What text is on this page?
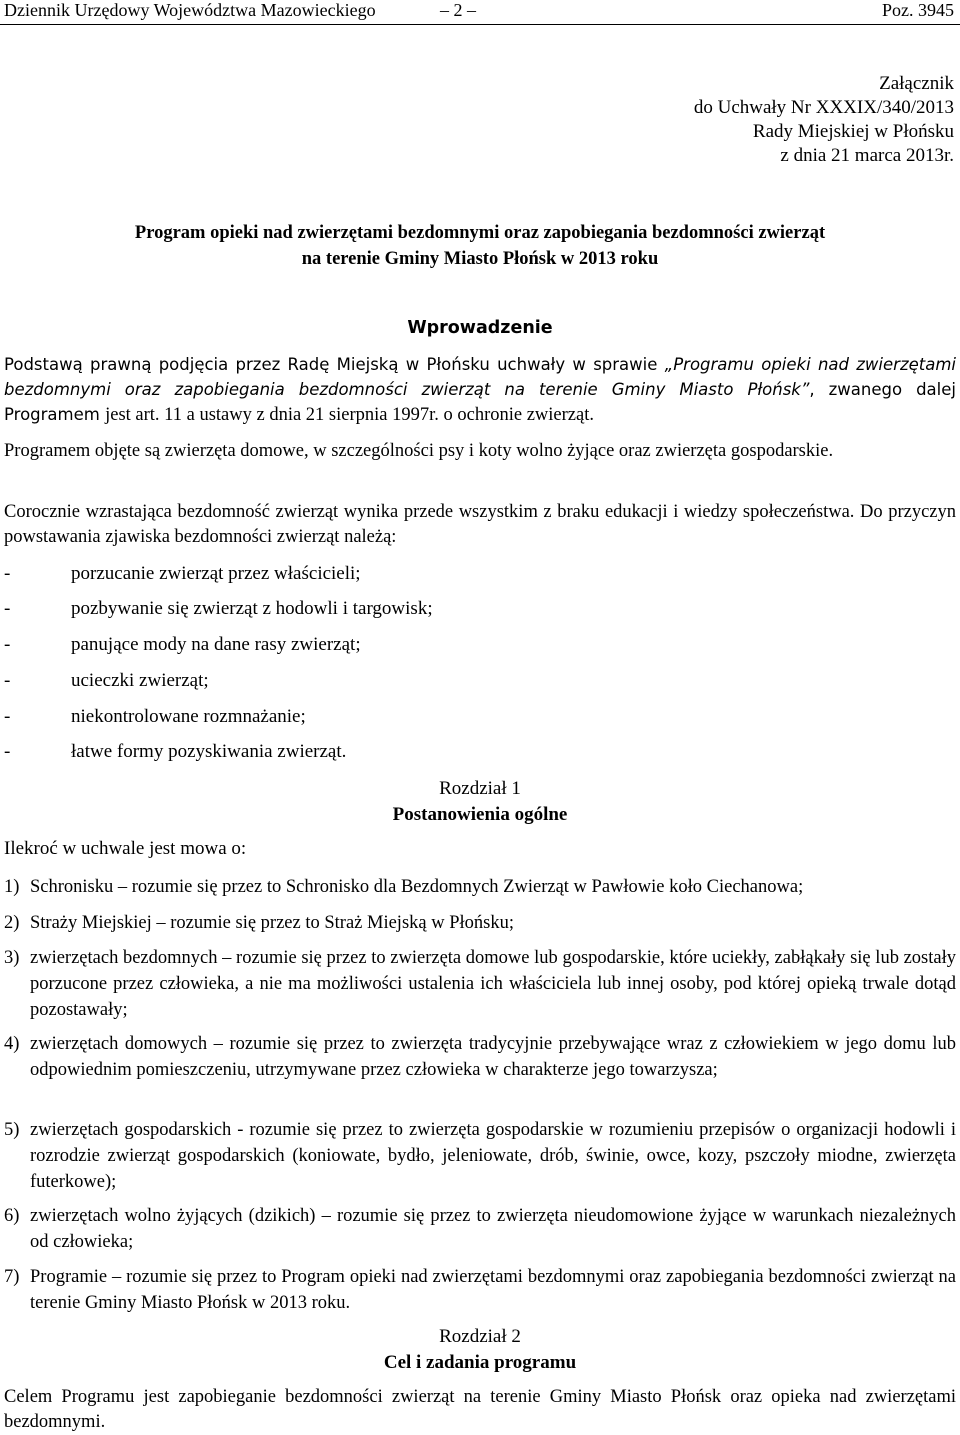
Dziennik Urzędowy Województwa Mazowieckiego	– 2 –	Poz. 3945
Załącznik
do Uchwały Nr XXXIX/340/2013
Rady Miejskiej w Płońsku
z dnia 21 marca 2013r.
Program opieki nad zwierzętami bezdomnymi oraz zapobiegania bezdomności zwierząt
na terenie Gminy Miasto Płońsk w 2013 roku
Wprowadzenie
Podstawą prawną podjęcia przez Radę Miejską w Płońsku uchwały w sprawie „Programu opieki nad zwierzętami bezdomnymi oraz zapobiegania bezdomności zwierząt na terenie Gminy Miasto Płońsk”, zwanego dalej Programem jest art. 11 a ustawy z dnia 21 sierpnia 1997r. o ochronie zwierząt.
Programem objęte są zwierzęta domowe, w szczególności psy i koty wolno żyjące oraz zwierzęta gospodarskie.
Corocznie wzrastająca bezdomność zwierząt wynika przede wszystkim z braku edukacji i wiedzy społeczeństwa. Do przyczyn powstawania zjawiska bezdomności zwierząt należą:
-	porzucanie zwierząt przez właścicieli;
-	pozbywanie się zwierząt z hodowli i targowisk;
-	panujące mody na dane rasy zwierząt;
-	ucieczki zwierząt;
-	niekontrolowane rozmnażanie;
-	łatwe formy pozyskiwania zwierząt.
Rozdział 1
Postanowienia ogólne
Ilekroć w uchwale jest mowa o:
1) Schronisku – rozumie się przez to Schronisko dla Bezdomnych Zwierząt w Pawłowie koło Ciechanowa;
2) Straży Miejskiej – rozumie się przez to Straż Miejską w Płońsku;
3) zwierzętach bezdomnych – rozumie się przez to zwierzęta domowe lub gospodarskie, które uciekły, zabłąkały się lub zostały porzucone przez człowieka, a nie ma możliwości ustalenia ich właściciela lub innej osoby, pod której opieką trwale dotąd pozostawały;
4) zwierzętach domowych – rozumie się przez to zwierzęta tradycyjnie przebywające wraz z człowiekiem w jego domu lub odpowiednim pomieszczeniu, utrzymywane przez człowieka w charakterze jego towarzysza;
5) zwierzętach gospodarskich - rozumie się przez to zwierzęta gospodarskie w rozumieniu przepisów o organizacji hodowli i rozrodzie zwierząt gospodarskich (koniowate, bydło, jeleniowate, drób, świnie, owce, kozy, pszczoły miodne, zwierzęta futerkowe);
6) zwierzętach wolno żyjących (dzikich) – rozumie się przez to zwierzęta nieudomowione żyjące w warunkach niezależnych od człowieka;
7) Programie – rozumie się przez to Program opieki nad zwierzętami bezdomnymi oraz zapobiegania bezdomności zwierząt na terenie Gminy Miasto Płońsk w 2013 roku.
Rozdział 2
Cel i zadania programu
Celem Programu jest zapobieganie bezdomności zwierząt na terenie Gminy Miasto Płońsk oraz opieka nad zwierzętami bezdomnymi.
